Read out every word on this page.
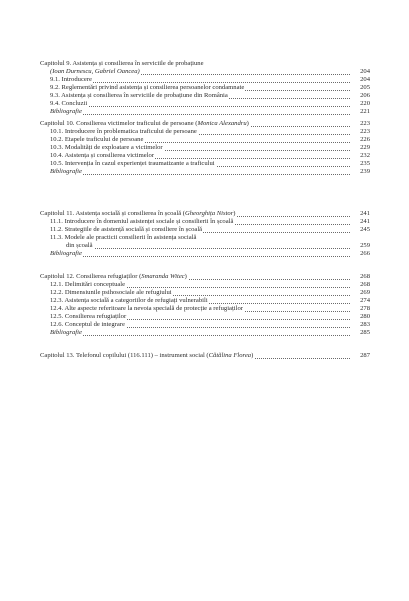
Capitolul 9. Asistența și consilierea în serviciile de probațiune
(Ioan Durnescu, Gabriel Oancea)	204
9.1. Introducere	204
9.2. Reglementări privind asistența și consilierea persoanelor condamnate	205
9.3. Asistența și consilierea în serviciile de probațiune din România	206
9.4. Concluzii	220
Bibliografie	221
Capitolul 10. Consilierea victimelor traficului de persoane (Monica Alexandru)	223
10.1. Introducere în problematica traficului de persoane	223
10.2. Etapele traficului de persoane	226
10.3. Modalități de exploatare a victimelor	229
10.4. Asistența și consilierea victimelor	232
10.5. Intervenția în cazul experienței traumatizante a traficului	235
Bibliografie	239
Capitolul 11. Asistența socială și consilierea în școală (Gheorghița Nistor)	241
11.1. Introducere în domeniul asistenței sociale și consilierii în școală	241
11.2. Strategiile de asistență socială și consiliere în școală	245
11.3. Modele ale practicii consilierii în asistența socială
din școală	259
Bibliografie	266
Capitolul 12. Consilierea refugiaților (Smaranda Witec)	268
12.1. Delimitări conceptuale	268
12.2. Dimensiunile psihosociale ale refugiului	269
12.3. Asistența socială a categoriilor de refugiați vulnerabili	274
12.4. Alte aspecte referitoare la nevoia specială de protecție a refugiaților	278
12.5. Consilierea refugiaților	280
12.6. Conceptul de integrare	283
Bibliografie	285
Capitolul 13. Telefonul copilului (116.111) – instrument social (Cătălina Florea)	287
